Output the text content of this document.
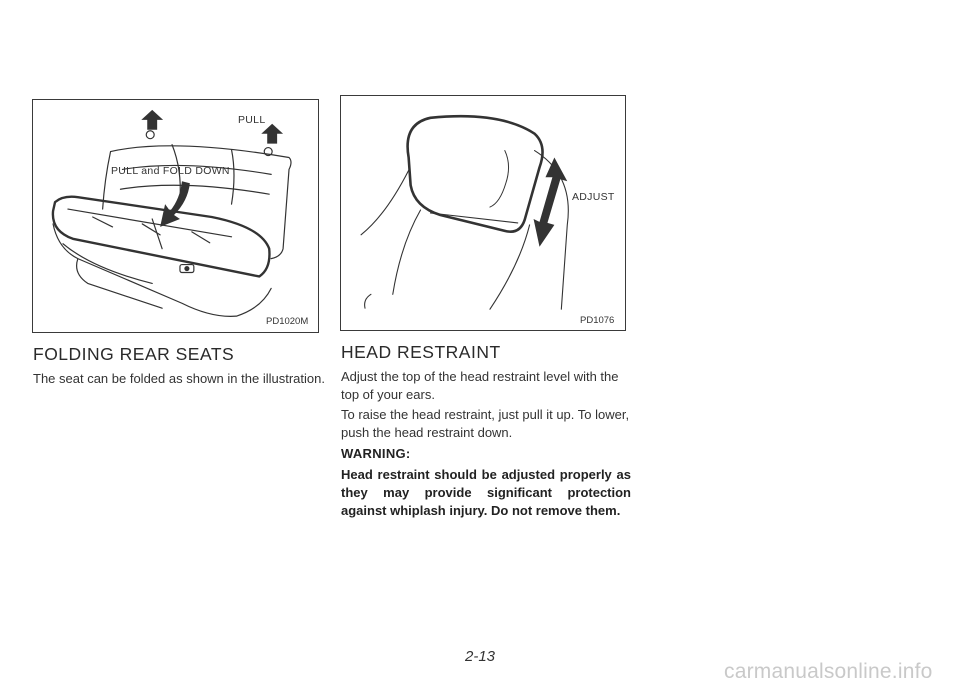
PULL
PULL and FOLD DOWN
PD1020M
ADJUST
PD1076
FOLDING REAR SEATS

The seat can be folded as shown in the illustration.

HEAD RESTRAINT

Adjust the top of the head restraint level with the top of your ears.

To raise the head restraint, just pull it up. To lower, push the head restraint down.

WARNING:

Head restraint should be adjusted properly as they may provide significant protection against whiplash injury. Do not remove them.

2-13
carmanualsonline.info
